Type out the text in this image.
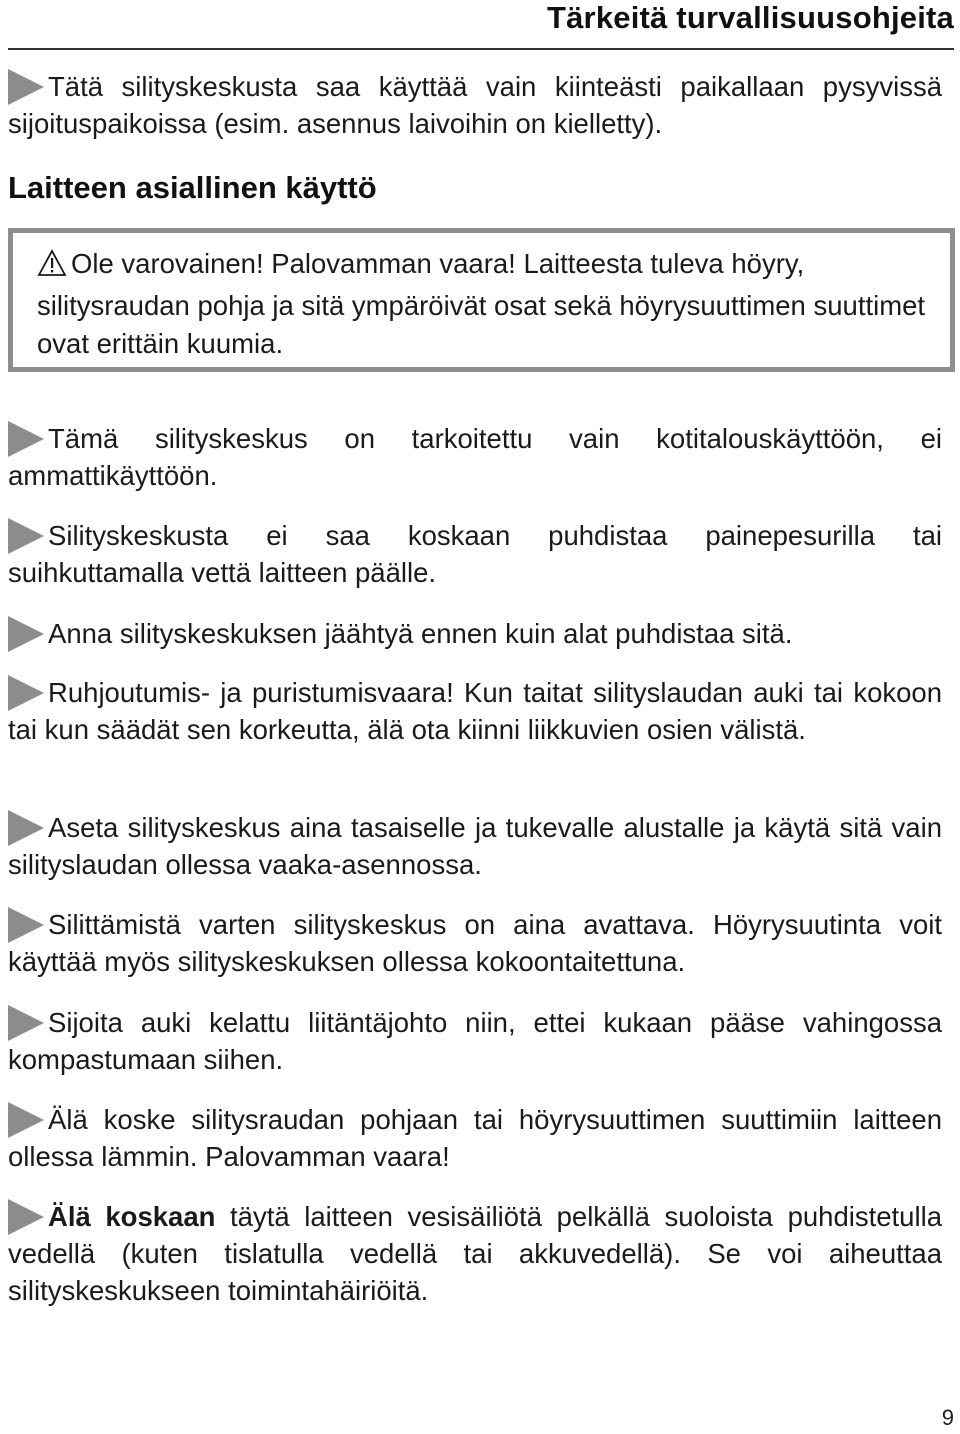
Tärkeitä turvallisuusohjeita
Tätä silityskeskusta saa käyttää vain kiinteästi paikallaan pysyvissä sijoituspaikoissa (esim. asennus laivoihin on kielletty).
Laitteen asiallinen käyttö
Ole varovainen! Palovamman vaara! Laitteesta tuleva höyry, silitysraudan pohja ja sitä ympäröivät osat sekä höyrysuuttimen suuttimet ovat erittäin kuumia.
Tämä silityskeskus on tarkoitettu vain kotitalouskäyttöön, ei ammattikäyttöön.
Silityskeskusta ei saa koskaan puhdistaa painepesurilla tai suihkuttamalla vettä laitteen päälle.
Anna silityskeskuksen jäähtyä ennen kuin alat puhdistaa sitä.
Ruhjoutumis- ja puristumisvaara! Kun taitat silityslaudan auki tai kokoon tai kun säädät sen korkeutta, älä ota kiinni liikkuvien osien välistä.
Aseta silityskeskus aina tasaiselle ja tukevalle alustalle ja käytä sitä vain silityslaudan ollessa vaaka-asennossa.
Silittämistä varten silityskeskus on aina avattava. Höyrysuutinta voit käyttää myös silityskeskuksen ollessa kokoontaitettuna.
Sijoita auki kelattu liitäntäjohto niin, ettei kukaan pääse vahingossa kompastumaan siihen.
Älä koske silitysraudan pohjaan tai höyrysuuttimen suuttimiin laitteen ollessa lämmin. Palovamman vaara!
Älä koskaan täytä laitteen vesisäiliötä pelkällä suoloista puhdistetulla vedellä (kuten tislatulla vedellä tai akkuvedellä). Se voi aiheuttaa silityskeskukseen toimintahäiriöitä.
9
